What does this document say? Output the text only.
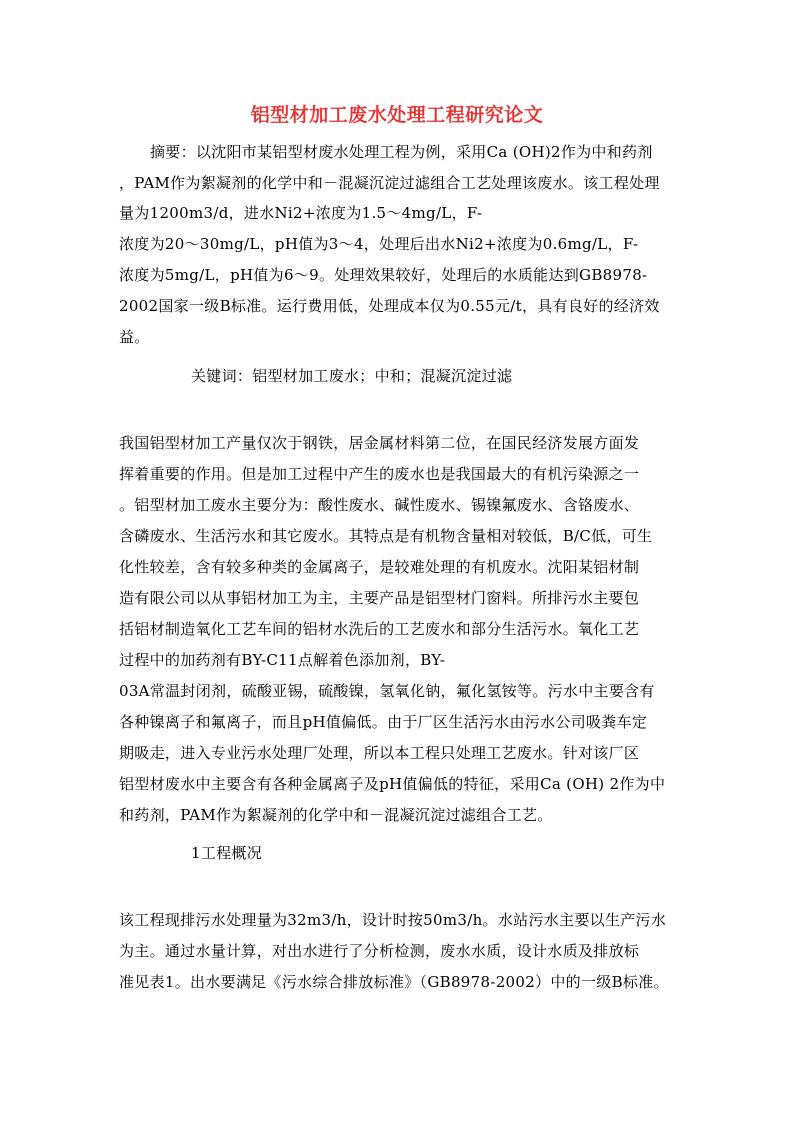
铝型材加工废水处理工程研究论文
摘要：以沈阳市某铝型材废水处理工程为例，采用Ca (OH)2作为中和药剂
，PAM作为絮凝剂的化学中和－混凝沉淀过滤组合工艺处理该废水。该工程处理
量为1200m3/d，进水Ni2+浓度为1.5～4mg/L，F-
浓度为20～30mg/L，pH值为3～4，处理后出水Ni2+浓度为0.6mg/L，F-
浓度为5mg/L，pH值为6～9。处理效果较好，处理后的水质能达到GB8978-
2002国家一级B标准。运行费用低，处理成本仅为0.55元/t，具有良好的经济效
益。
关键词：铝型材加工废水；中和；混凝沉淀过滤
我国铝型材加工产量仅次于钢铁，居金属材料第二位，在国民经济发展方面发
挥着重要的作用。但是加工过程中产生的废水也是我国最大的有机污染源之一
。铝型材加工废水主要分为：酸性废水、碱性废水、锡镍氟废水、含铬废水、
含磷废水、生活污水和其它废水。其特点是有机物含量相对较低，B/C低，可生
化性较差，含有较多种类的金属离子，是较难处理的有机废水。沈阳某铝材制
造有限公司以从事铝材加工为主，主要产品是铝型材门窗料。所排污水主要包
括铝材制造氧化工艺车间的铝材水洗后的工艺废水和部分生活污水。氧化工艺
过程中的加药剂有BY-C11点解着色添加剂，BY-
03A常温封闭剂，硫酸亚锡，硫酸镍，氢氧化钠，氟化氢铵等。污水中主要含有
各种镍离子和氟离子，而且pH值偏低。由于厂区生活污水由污水公司吸粪车定
期吸走，进入专业污水处理厂处理，所以本工程只处理工艺废水。针对该厂区
铝型材废水中主要含有各种金属离子及pH值偏低的特征，采用Ca (OH) 2作为中
和药剂，PAM作为絮凝剂的化学中和－混凝沉淀过滤组合工艺。
1工程概况
该工程现排污水处理量为32m3/h，设计时按50m3/h。水站污水主要以生产污水
为主。通过水量计算，对出水进行了分析检测，废水水质，设计水质及排放标
准见表1。出水要满足《污水综合排放标准》（GB8978-2002）中的一级B标准。
